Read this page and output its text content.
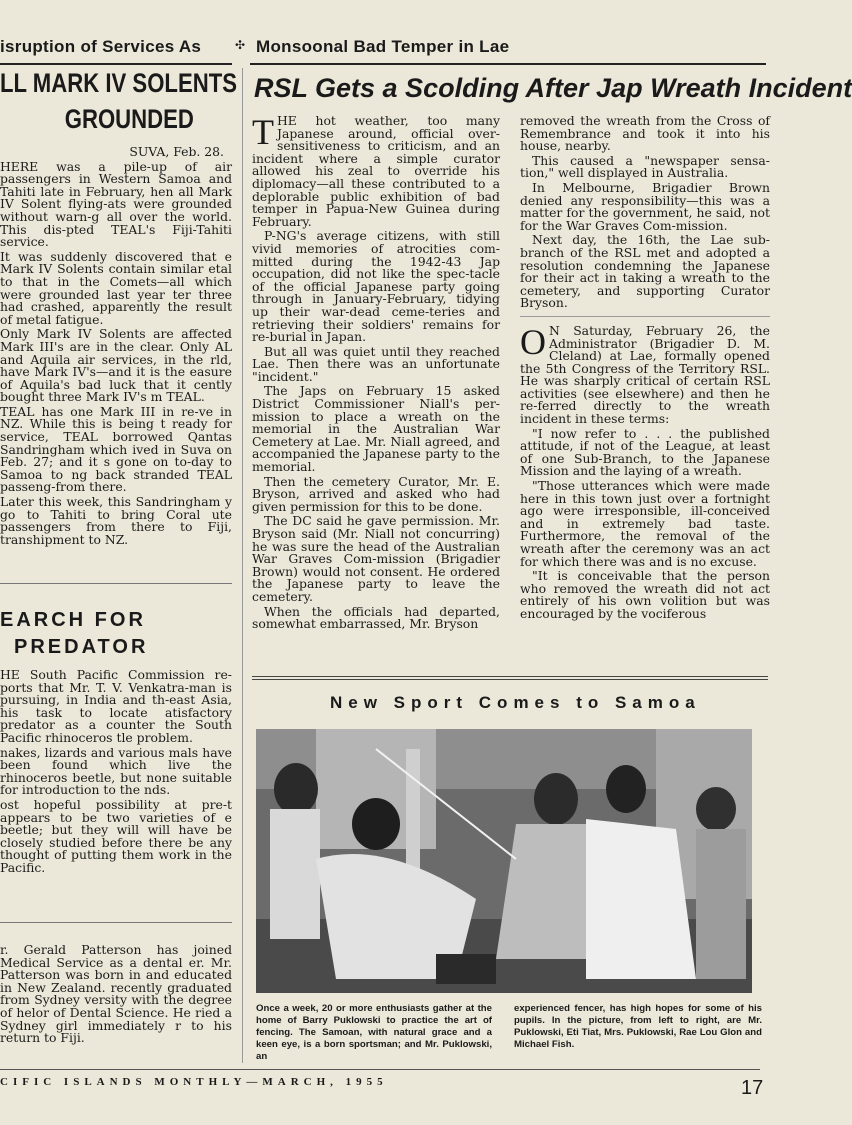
isruption of Services As	✣ Monsoonal Bad Temper in Lae
LL MARK IV SOLENTS
GROUNDED

SUVA, Feb. 28.

HERE was a pile-up of air passengers in Western Samoa and Tahiti late in February, hen all Mark IV Solent flying-ats were grounded without warn-g all over the world. This dis-pted TEAL's Fiji-Tahiti service.

It was suddenly discovered that e Mark IV Solents contain similar etal to that in the Comets—all which were grounded last year ter three had crashed, apparently the result of metal fatigue.

Only Mark IV Solents are affected Mark III's are in the clear. Only AL and Aquila air services, in the rld, have Mark IV's—and it is the easure of Aquila's bad luck that it cently bought three Mark IV's m TEAL.

TEAL has one Mark III in re-ve in NZ. While this is being t ready for service, TEAL borrowed Qantas Sandringham which ived in Suva on Feb. 27; and it s gone on to-day to Samoa to ng back stranded TEAL passeng-from there.

Later this week, this Sandringham y go to Tahiti to bring Coral ute passengers from there to Fiji, transhipment to NZ.

EARCH FOR
PREDATOR

HE South Pacific Commission re-ports that Mr. T. V. Venkatra-man is pursuing, in India and th-east Asia, his task to locate atisfactory predator as a counter the South Pacific rhinoceros tle problem.

nakes, lizards and various mals have been found which live the rhinoceros beetle, but none suitable for introduction to the nds.

ost hopeful possibility at pre-t appears to be two varieties of e beetle; but they will will have be closely studied before there be any thought of putting them work in the Pacific.

r. Gerald Patterson has joined Medical Service as a dental er. Mr. Patterson was born in and educated in New Zealand. recently graduated from Sydney versity with the degree of helor of Dental Science. He ried a Sydney girl immediately r to his return to Fiji.

RSL Gets a Scolding After Jap Wreath Incident

THE hot weather, too many Japanese around, official over-sensitiveness to criticism, and an incident where a simple curator allowed his zeal to override his diplomacy—all these contributed to a deplorable public exhibition of bad temper in Papua-New Guinea during February.

P-NG's average citizens, with still vivid memories of atrocities com-mitted during the 1942-43 Jap occupation, did not like the spec-tacle of the official Japanese party going through in January-February, tidying up their war-dead ceme-teries and retrieving their soldiers' remains for re-burial in Japan.

But all was quiet until they reached Lae. Then there was an unfortunate "incident."

The Japs on February 15 asked District Commissioner Niall's per-mission to place a wreath on the memorial in the Australian War Cemetery at Lae. Mr. Niall agreed, and accompanied the Japanese party to the memorial.

Then the cemetery Curator, Mr. E. Bryson, arrived and asked who had given permission for this to be done.

The DC said he gave permission. Mr. Bryson said (Mr. Niall not concurring) he was sure the head of the Australian War Graves Com-mission (Brigadier Brown) would not consent. He ordered the Japanese party to leave the cemetery.

When the officials had departed, somewhat embarrassed, Mr. Bryson

removed the wreath from the Cross of Remembrance and took it into his house, nearby.

This caused a "newspaper sensa-tion," well displayed in Australia.

In Melbourne, Brigadier Brown denied any responsibility—this was a matter for the government, he said, not for the War Graves Com-mission.

Next day, the 16th, the Lae sub-branch of the RSL met and adopted a resolution condemning the Japanese for their act in taking a wreath to the cemetery, and supporting Curator Bryson.

O N Saturday, February 26, the Administrator (Brigadier D. M. Cleland) at Lae, formally opened the 5th Congress of the Territory RSL. He was sharply critical of certain RSL activities (see elsewhere) and then he re-ferred directly to the wreath incident in these terms:

"I now refer to . . . the published attitude, if not of the League, at least of one Sub-Branch, to the Japanese Mission and the laying of a wreath.

"Those utterances which were made here in this town just over a fortnight ago were irresponsible, ill-conceived and in extremely bad taste. Furthermore, the removal of the wreath after the ceremony was an act for which there was and is no excuse.

"It is conceivable that the person who removed the wreath did not act entirely of his own volition but was encouraged by the vociferous

New Sport Comes to Samoa
Once a week, 20 or more enthusiasts gather at the home of Barry Puklowski to practice the art of fencing. The Samoan, with natural grace and a keen eye, is a born sportsman; and Mr. Puklowski, an
experienced fencer, has high hopes for some of his pupils. In the picture, from left to right, are Mr. Puklowski, Eti Tiat, Mrs. Puklowski, Rae Lou Glon and Michael Fish.
CIFIC ISLANDS MONTHLY—MARCH, 1955	17
